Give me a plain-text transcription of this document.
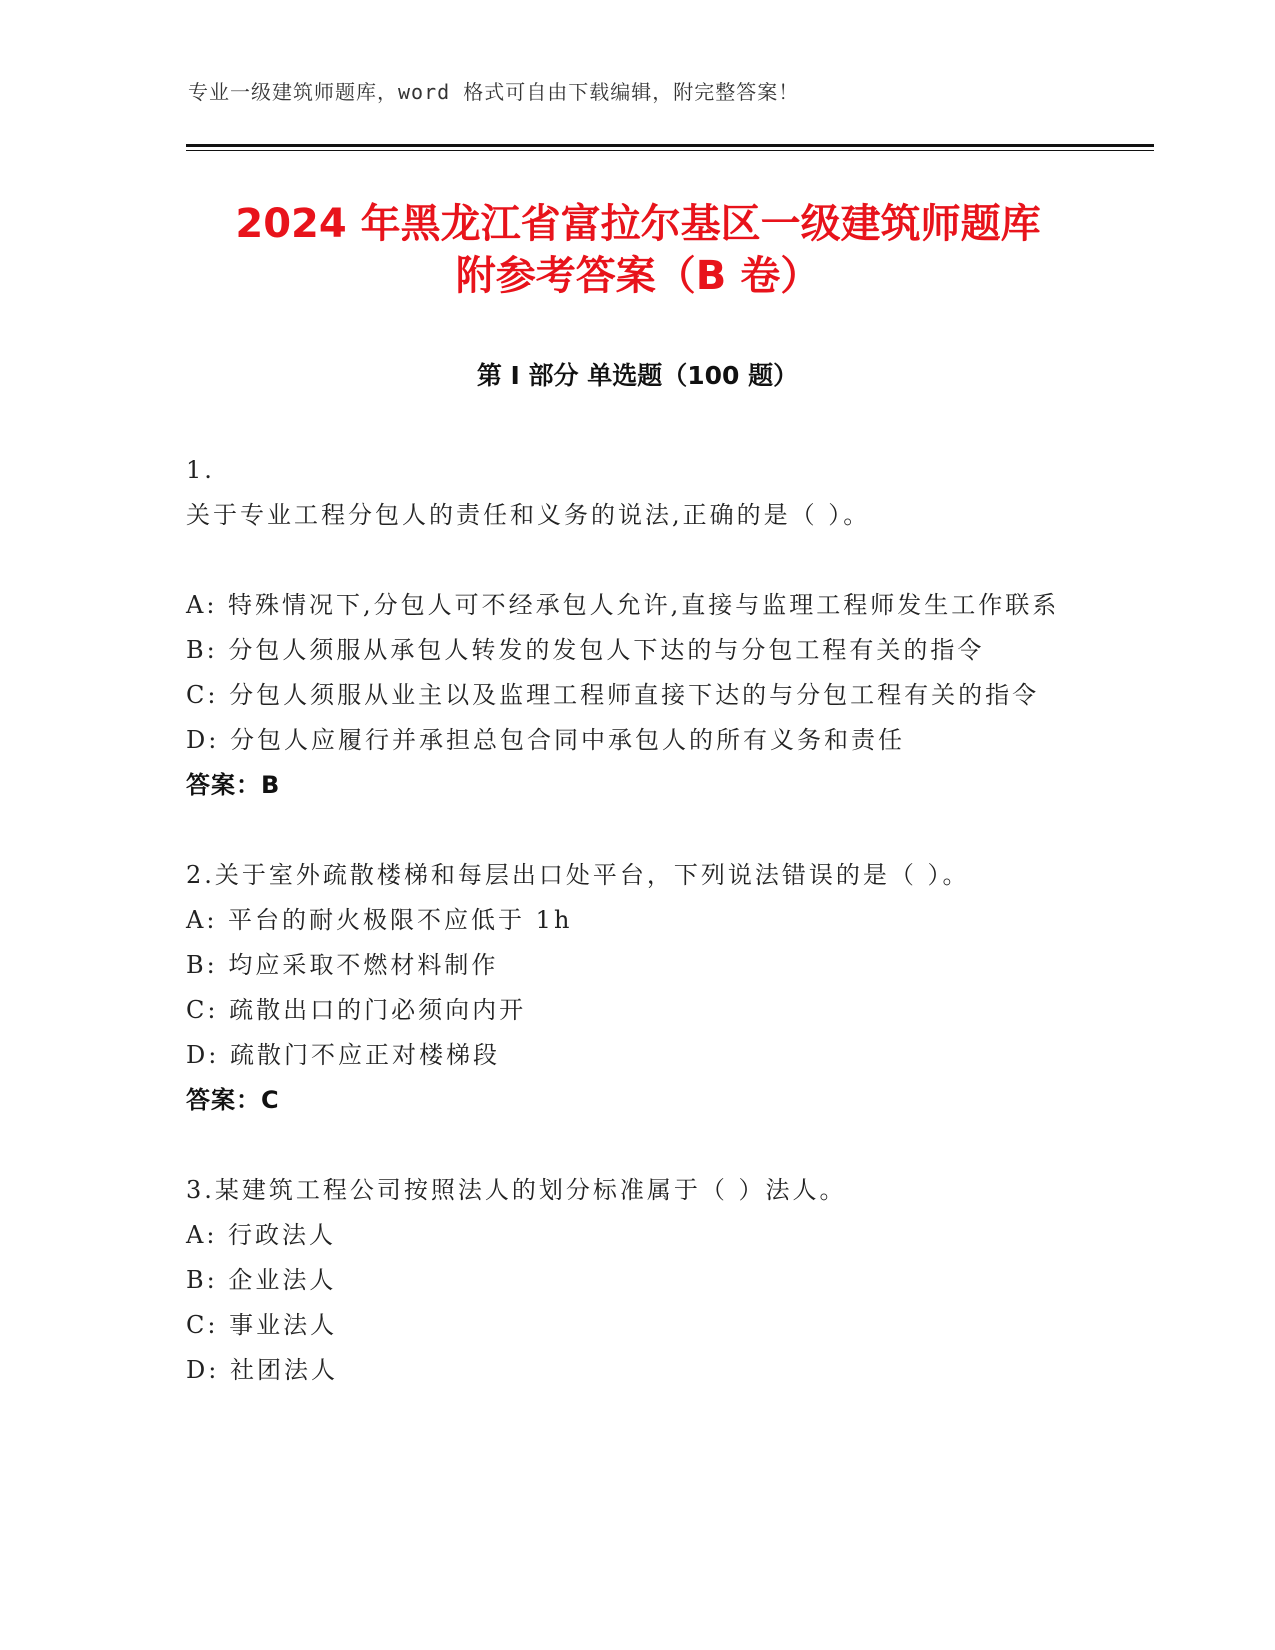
专业一级建筑师题库，word 格式可自由下载编辑，附完整答案！
2024 年黑龙江省富拉尔基区一级建筑师题库
附参考答案（B 卷）
第 I 部分 单选题（100 题）
1.
关于专业工程分包人的责任和义务的说法,正确的是（ ）。

A: 特殊情况下,分包人可不经承包人允许,直接与监理工程师发生工作联系
B: 分包人须服从承包人转发的发包人下达的与分包工程有关的指令
C: 分包人须服从业主以及监理工程师直接下达的与分包工程有关的指令
D: 分包人应履行并承担总包合同中承包人的所有义务和责任
答案：B
2.关于室外疏散楼梯和每层出口处平台，下列说法错误的是（ ）。
A: 平台的耐火极限不应低于 1h
B: 均应采取不燃材料制作
C: 疏散出口的门必须向内开
D: 疏散门不应正对楼梯段
答案：C
3.某建筑工程公司按照法人的划分标准属于（ ）法人。
A: 行政法人
B: 企业法人
C: 事业法人
D: 社团法人
